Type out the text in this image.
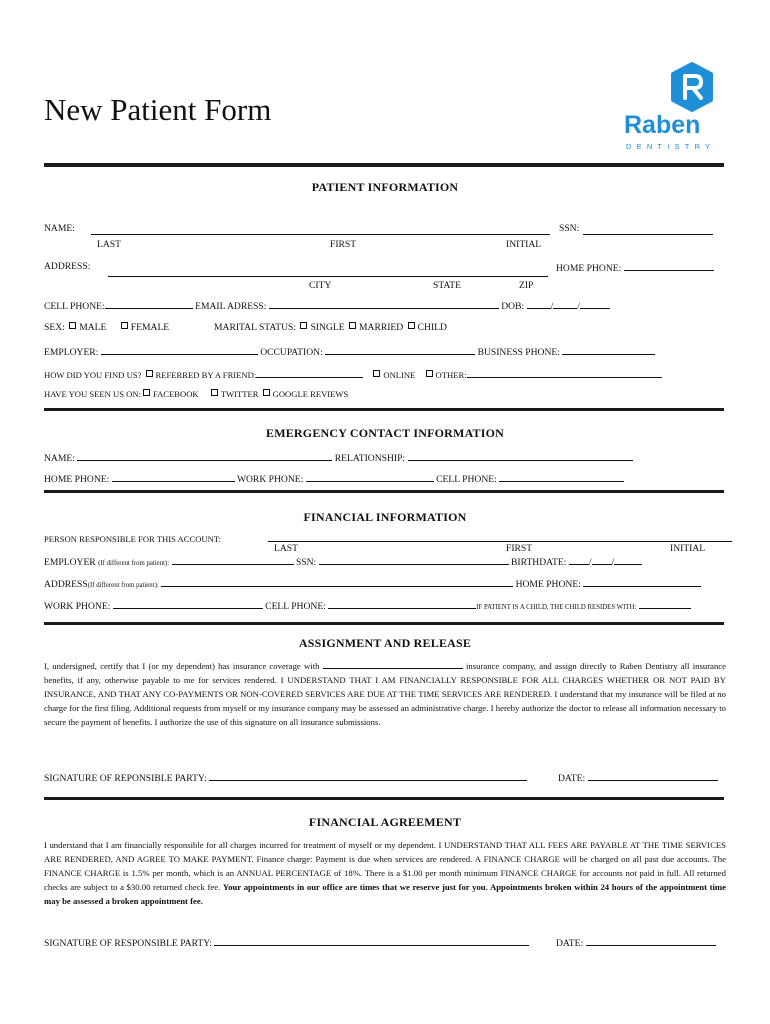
New Patient Form	Raben
DENTISTRY
PATIENT INFORMATION
NAME:	SSN:
LAST	FIRST	INITIAL
ADDRESS:	HOME PHONE:
CITY	STATE	ZIP
CELL PHONE:	EMAIL ADRESS:	DOB:	/	/
SEX: MALE	FEMALE	MARITAL STATUS: SINGLE MARRIED CHILD
EMPLOYER:	OCCUPATION:	BUSINESS PHONE:
HOW DID YOU FIND US? REFERRED BY A FRIEND:	ONLINE OTHER:
HAVE YOU SEEN US ON: FACEBOOK	TWITTER GOOGLE REVIEWS
EMERGENCY CONTACT INFORMATION
NAME:	RELATIONSHIP:
HOME PHONE:	WORK PHONE:	CELL PHONE:
FINANCIAL INFORMATION
PERSON RESPONSIBLE FOR THIS ACCOUNT:
LAST	FIRST	INITIAL
EMPLOYER (If different from patient):	SSN:	BIRTHDATE: / /
ADDRESS(If different from patient):	HOME PHONE:
WORK PHONE:	CELL PHONE:	IF PATIENT IS A CHILD, THE CHILD RESIDES WITH:
ASSIGNMENT AND RELEASE
I, undersigned, certify that I (or my dependent) has insurance coverage with	insurance company, and assign directly to Raben Dentistry all insurance benefits, if any, otherwise payable to me for services rendered. I UNDERSTAND THAT I AM FINANCIALLY RESPONSIBLE FOR ALL CHARGES WHETHER OR NOT PAID BY INSURANCE, AND THAT ANY CO-PAYMENTS OR NON-COVERED SERVICES ARE DUE AT THE TIME SERVICES ARE RENDERED. I understand that my insurance will be filed at no charge for the first filing. Additional requests from myself or my insurance company may be assessed an administrative charge. I hereby authorize the doctor to release all information necessary to secure the payment of benefits. I authorize the use of this signature on all insurance submissions.
SIGNATURE OF REPONSIBLE PARTY:	DATE:
FINANCIAL AGREEMENT
I understand that I am financially responsible for all charges incurred for treatment of myself or my dependent. I UNDERSTAND THAT ALL FEES ARE PAYABLE AT THE TIME SERVICES ARE RENDERED, AND AGREE TO MAKE PAYMENT. Finance charge: Payment is due when services are rendered. A FINANCE CHARGE will be charged on all past due accounts. The FINANCE CHARGE is 1.5% per month, which is an ANNUAL PERCENTAGE of 18%. There is a $1.00 per month minimum FINANCE CHARGE for accounts not paid in full. All returned checks are subject to a $30.00 returned check fee. Your appointments in our office are times that we reserve just for you. Appointments broken within 24 hours of the appointment time may be assessed a broken appointment fee.
SIGNATURE OF RESPONSIBLE PARTY:	DATE:
